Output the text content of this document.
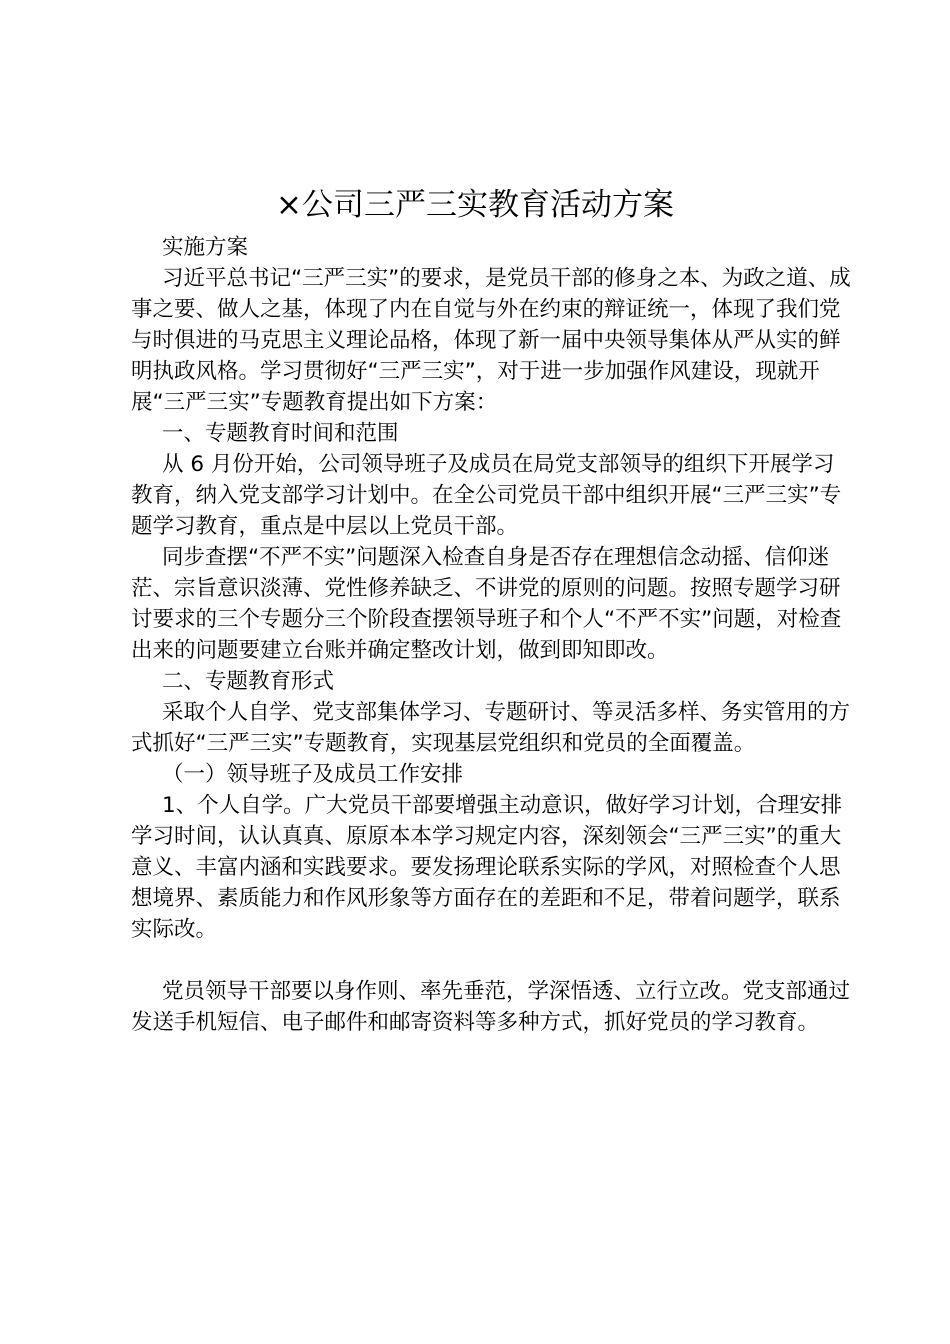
×公司三严三实教育活动方案

实施方案

习近平总书记“三严三实”的要求，是党员干部的修身之本、为政之道、成事之要、做人之基，体现了内在自觉与外在约束的辩证统一，体现了我们党与时俱进的马克思主义理论品格，体现了新一届中央领导集体从严从实的鲜明执政风格。学习贯彻好“三严三实”，对于进一步加强作风建设，现就开展“三严三实”专题教育提出如下方案：

一、专题教育时间和范围

从 6 月份开始，公司领导班子及成员在局党支部领导的组织下开展学习教育，纳入党支部学习计划中。在全公司党员干部中组织开展“三严三实”专题学习教育，重点是中层以上党员干部。

同步查摆“不严不实”问题深入检查自身是否存在理想信念动摇、信仰迷茫、宗旨意识淡薄、党性修养缺乏、不讲党的原则的问题。按照专题学习研讨要求的三个专题分三个阶段查摆领导班子和个人“不严不实”问题，对检查出来的问题要建立台账并确定整改计划，做到即知即改。

二、专题教育形式

采取个人自学、党支部集体学习、专题研讨、等灵活多样、务实管用的方式抓好“三严三实”专题教育，实现基层党组织和党员的全面覆盖。

（一）领导班子及成员工作安排

1、个人自学。广大党员干部要增强主动意识，做好学习计划，合理安排学习时间，认认真真、原原本本学习规定内容，深刻领会“三严三实”的重大意义、丰富内涵和实践要求。要发扬理论联系实际的学风，对照检查个人思想境界、素质能力和作风形象等方面存在的差距和不足，带着问题学，联系实际改。

党员领导干部要以身作则、率先垂范，学深悟透、立行立改。党支部通过发送手机短信、电子邮件和邮寄资料等多种方式，抓好党员的学习教育。
